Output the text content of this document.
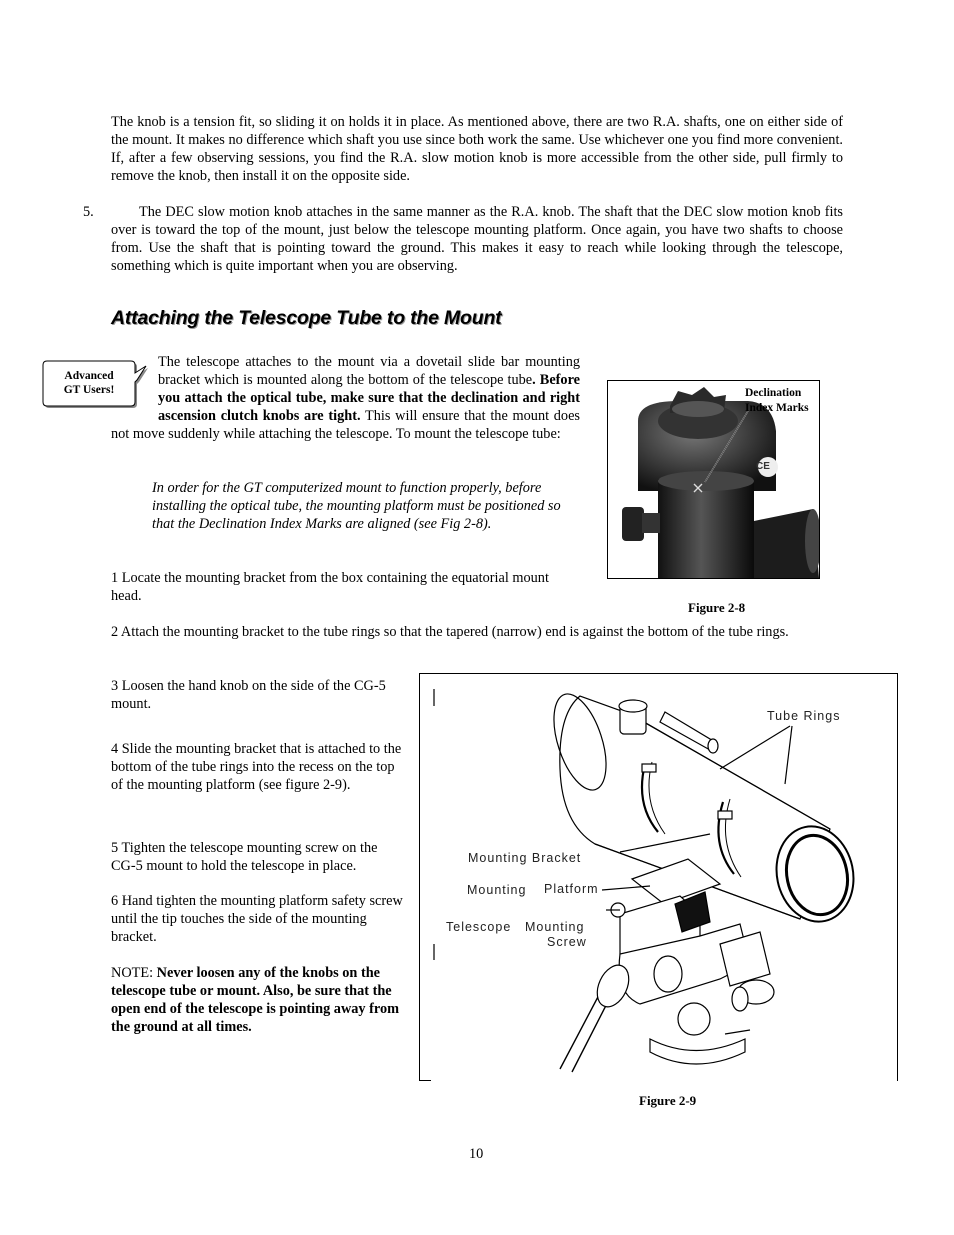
The knob is a tension fit, so sliding it on holds it in place. As mentioned above, there are two R.A. shafts, one on either side of the mount. It makes no difference which shaft you use since both work the same. Use whichever one you find more convenient. If, after a few observing sessions, you find the R.A. slow motion knob is more accessible from the other side, pull firmly to remove the knob, then install it on the opposite side.
5.	The DEC slow motion knob attaches in the same manner as the R.A. knob. The shaft that the DEC slow motion knob fits over is toward the top of the mount, just below the telescope mounting platform. Once again, you have two shafts to choose from. Use the shaft that is pointing toward the ground. This makes it easy to reach while looking through the telescope, something which is quite important when you are observing.
Attaching the Telescope Tube to the Mount
Advanced
GT Users!
The telescope attaches to the mount via a dovetail slide bar mounting bracket which is mounted along the bottom of the telescope tube. Before you attach the optical tube, make sure that the declination and right ascension clutch knobs are tight. This will ensure that the mount does not move suddenly while attaching the telescope. To mount the telescope tube:
In order for the GT computerized mount to function properly, before installing the optical tube, the mounting platform must be positioned so that the Declination Index Marks are aligned (see Fig 2-8).
CE
Declination
Index Marks
Figure 2-8
1 Locate the mounting bracket from the box containing the equatorial mount head.
2 Attach the mounting bracket to the tube rings so that the tapered (narrow) end is against the bottom of the tube rings.
3 Loosen the hand knob on the side of the CG-5 mount.
4 Slide the mounting bracket that is attached to the bottom of the tube rings into the recess on the top of the mounting platform (see figure 2-9).
5 Tighten the telescope mounting screw on the CG-5 mount to hold the telescope in place.
6 Hand tighten the mounting platform safety screw until the tip touches the side of the mounting bracket.
NOTE: Never loosen any of the knobs on the telescope tube or mount. Also, be sure that the open end of the telescope is pointing away from the ground at all times.
Tube Rings
Mounting Bracket
Mounting Platform
Telescope Mounting
Screw
Figure 2-9
10
